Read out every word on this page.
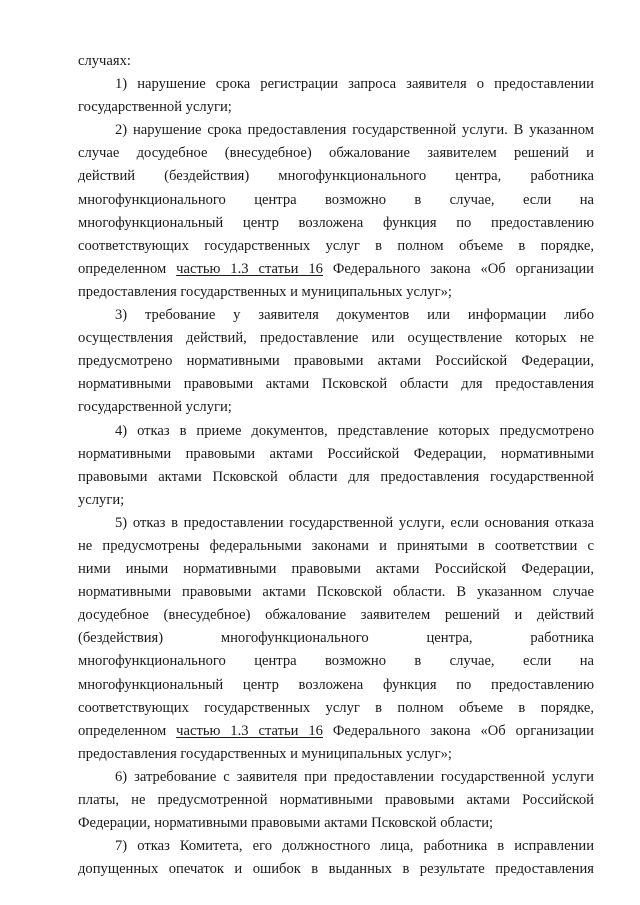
случаях:
1) нарушение срока регистрации запроса заявителя о предоставлении
государственной услуги;
2) нарушение срока предоставления государственной услуги. В указанном
случае досудебное (внесудебное) обжалование заявителем решений и
действий (бездействия) многофункционального центра, работника
многофункционального центра возможно в случае, если на
многофункциональный центр возложена функция по предоставлению
соответствующих государственных услуг в полном объеме в порядке,
определенном частью 1.3 статьи 16 Федерального закона «Об организации
предоставления государственных и муниципальных услуг»;
3) требование у заявителя документов или информации либо
осуществления действий, предоставление или осуществление которых не
предусмотрено нормативными правовыми актами Российской Федерации,
нормативными правовыми актами Псковской области для предоставления
государственной услуги;
4) отказ в приеме документов, представление которых предусмотрено
нормативными правовыми актами Российской Федерации, нормативными
правовыми актами Псковской области для предоставления государственной
услуги;
5) отказ в предоставлении государственной услуги, если основания отказа
не предусмотрены федеральными законами и принятыми в соответствии с
ними иными нормативными правовыми актами Российской Федерации,
нормативными правовыми актами Псковской области. В указанном случае
досудебное (внесудебное) обжалование заявителем решений и действий
(бездействия) многофункционального центра, работника
многофункционального центра возможно в случае, если на
многофункциональный центр возложена функция по предоставлению
соответствующих государственных услуг в полном объеме в порядке,
определенном частью 1.3 статьи 16 Федерального закона «Об организации
предоставления государственных и муниципальных услуг»;
6) затребование с заявителя при предоставлении государственной услуги
платы, не предусмотренной нормативными правовыми актами Российской
Федерации, нормативными правовыми актами Псковской области;
7) отказ Комитета, его должностного лица, работника в исправлении
допущенных опечаток и ошибок в выданных в результате предоставления
